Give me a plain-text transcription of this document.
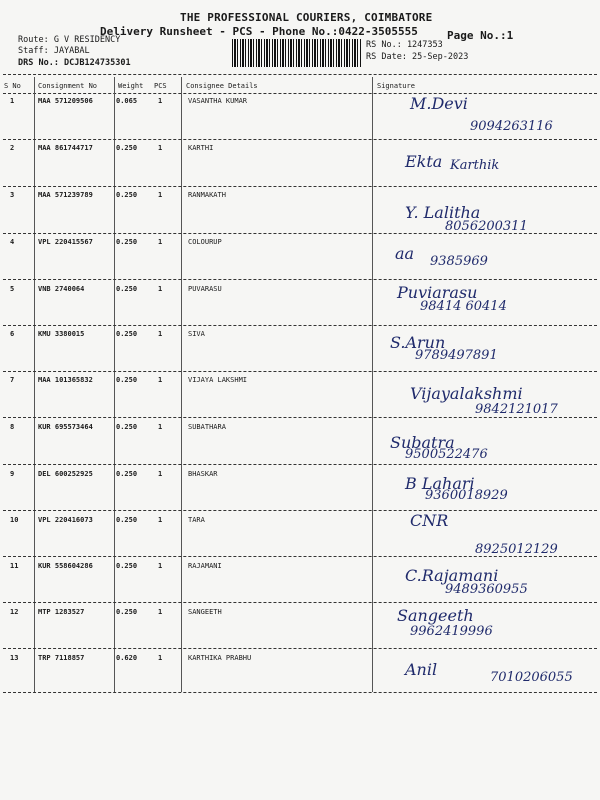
THE PROFESSIONAL COURIERS, COIMBATORE
Delivery Runsheet - PCS - Phone No.:0422-3505555	Page No.:1
Route: G V RESIDENCY
Staff: JAYABAL
DRS No.: DCJB124735301
RS No.: 1247353
RS Date: 25-Sep-2023
S No Consignment No	Weight PCS	Consignee Details	Signature
1	MAA 571209506	0.065	1	VASANTHA KUMAR	M.Devi
9094263116
2	MAA 861744717	0.250	1	KARTHI
Ekta Karthik
3	MAA 571239789	0.250	1	RANMAKATH
Y. Lalitha
8056200311
4	VPL 220415567	0.250	1	COLOURUP
aa 9385969
5	VNB 2740064	0.250	1	PUVARASU	Puviarasu
98414 60414
6	KMU 3380015	0.250	1	SIVA	S.Arun
9789497891
7	MAA 101365832	0.250	1	VIJAYA LAKSHMI
Vijayalakshmi
9842121017
8	KUR 695573464	0.250	1	SUBATHARA
Subatra
9500522476
9	DEL 600252925	0.250	1	BHASKAR	B Lahari
9360018929
10	VPL 220416073	0.250	1	TARA	CNR
8925012129
11	KUR 558604286	0.250	1	RAJAMANI	C.Rajamani
9489360955
12	MTP 1283527	0.250	1	SANGEETH	Sangeeth
9962419996
13	TRP 7118857	0.620	1	KARTHIKA PRABHU
Anil	7010206055
